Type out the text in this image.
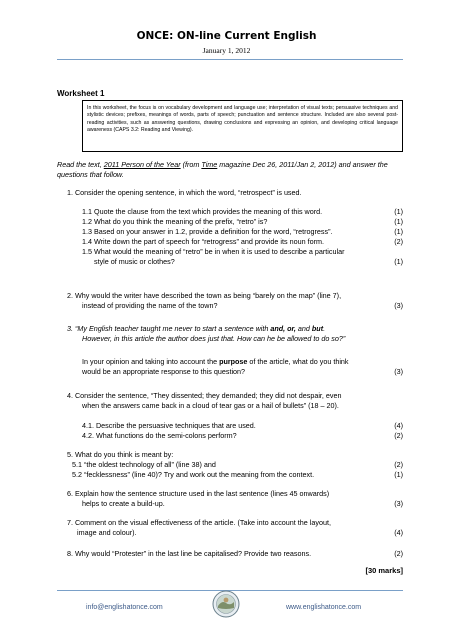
ONCE: ON-line Current English
January 1, 2012
Worksheet 1
In this worksheet, the focus is on vocabulary development and language use; interpretation of visual texts; persuasive techniques and stylistic devices; prefixes, meanings of words, parts of speech; punctuation and sentence structure. Included are also several post-reading activities, such as answering questions, drawing conclusions and expressing an opinion, and developing critical language awareness (CAPS 3.2: Reading and Viewing).
Read the text, 2011 Person of the Year (from Time magazine Dec 26, 2011/Jan 2, 2012) and answer the questions that follow.
1. Consider the opening sentence, in which the word, “retrospect” is used.
1.1 Quote the clause from the text which provides the meaning of this word.	(1)
1.2 What do you think the meaning of the prefix, “retro” is?	(1)
1.3 Based on your answer in 1.2, provide a definition for the word, “retrogress”.	(1)
1.4 Write down the part of speech for “retrogress” and provide its noun form.	(2)
1.5 What would the meaning of “retro” be in when it is used to describe a particular
style of music or clothes?	(1)
2. Why would the writer have described the town as being “barely on the map” (line 7),
instead of providing the name of the town?	(3)
3. “My English teacher taught me never to start a sentence with and, or, and but.
However, in this article the author does just that. How can he be allowed to do so?”
In your opinion and taking into account the purpose of the article, what do you think
would be an appropriate response to this question?	(3)
4. Consider the sentence, “They dissented; they demanded; they did not despair, even
when the answers came back in a cloud of tear gas or a hail of bullets” (18 – 20).
4.1. Describe the persuasive techniques that are used.	(4)
4.2. What functions do the semi-colons perform?	(2)
5. What do you think is meant by:
5.1 “the oldest technology of all” (line 38) and	(2)
5.2 “fecklessness” (line 40)? Try and work out the meaning from the context.	(1)
6. Explain how the sentence structure used in the last sentence (lines 45 onwards)
helps to create a build-up.	(3)
7. Comment on the visual effectiveness of the article. (Take into account the layout,
image and colour).	(4)
8. Why would “Protester” in the last line be capitalised? Provide two reasons.	(2)
[30 marks]
info@englishatonce.com	www.englishatonce.com
